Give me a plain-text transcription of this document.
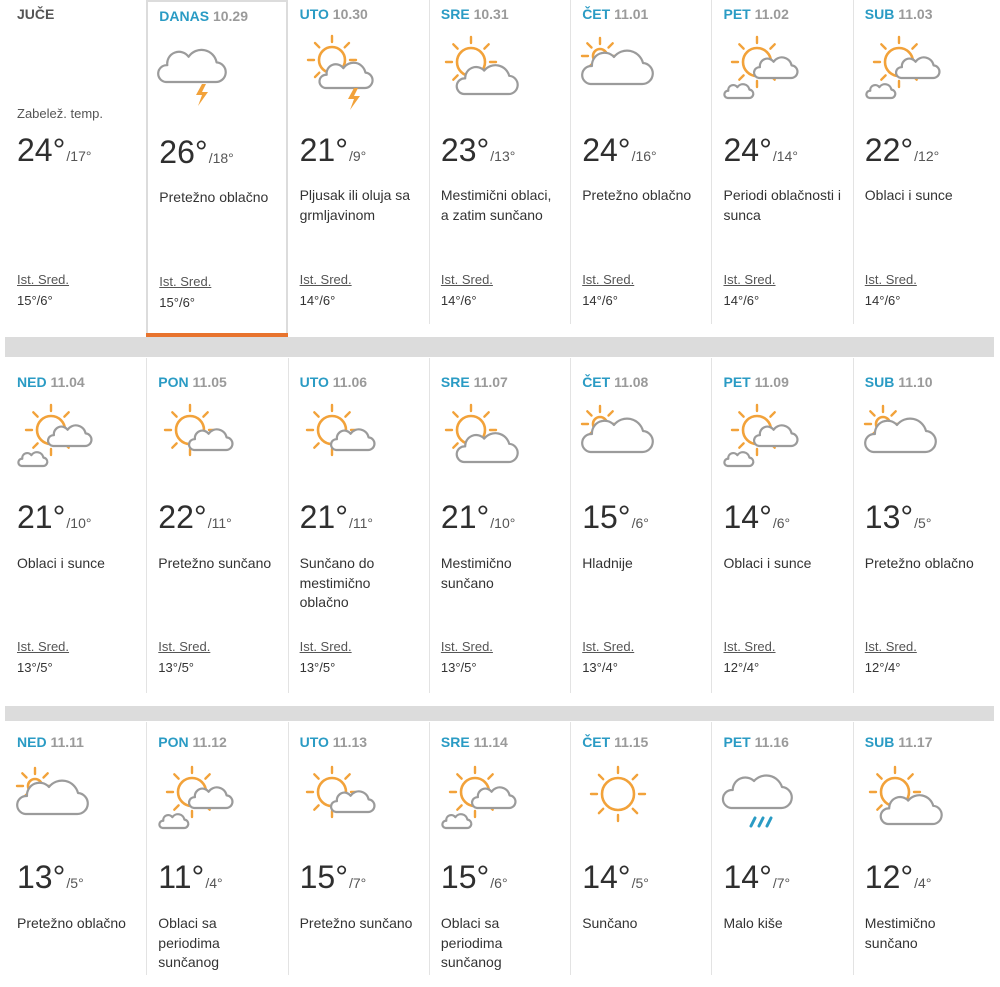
JUČE
Zabelež. temp.
24°/17°
Ist. Sred.
15°/6°
DANAS 10.29
26°/18°
Pretežno oblačno
Ist. Sred.
15°/6°
UTO 10.30
21°/9°
Pljusak ili oluja sa grmljavinom
Ist. Sred.
14°/6°
SRE 10.31
23°/13°
Mestimični oblaci, a zatim sunčano
Ist. Sred.
14°/6°
ČET 11.01
24°/16°
Pretežno oblačno
Ist. Sred.
14°/6°
PET 11.02
24°/14°
Periodi oblačnosti i sunca
Ist. Sred.
14°/6°
SUB 11.03
22°/12°
Oblaci i sunce
Ist. Sred.
14°/6°
NED 11.04
21°/10°
Oblaci i sunce
Ist. Sred.
13°/5°
PON 11.05
22°/11°
Pretežno sunčano
Ist. Sred.
13°/5°
UTO 11.06
21°/11°
Sunčano do mestimično oblačno
Ist. Sred.
13°/5°
SRE 11.07
21°/10°
Mestimično sunčano
Ist. Sred.
13°/5°
ČET 11.08
15°/6°
Hladnije
Ist. Sred.
13°/4°
PET 11.09
14°/6°
Oblaci i sunce
Ist. Sred.
12°/4°
SUB 11.10
13°/5°
Pretežno oblačno
Ist. Sred.
12°/4°
NED 11.11
13°/5°
Pretežno oblačno
PON 11.12
11°/4°
Oblaci sa periodima sunčanog
UTO 11.13
15°/7°
Pretežno sunčano
SRE 11.14
15°/6°
Oblaci sa periodima sunčanog
ČET 11.15
14°/5°
Sunčano
PET 11.16
14°/7°
Malo kiše
SUB 11.17
12°/4°
Mestimično sunčano
